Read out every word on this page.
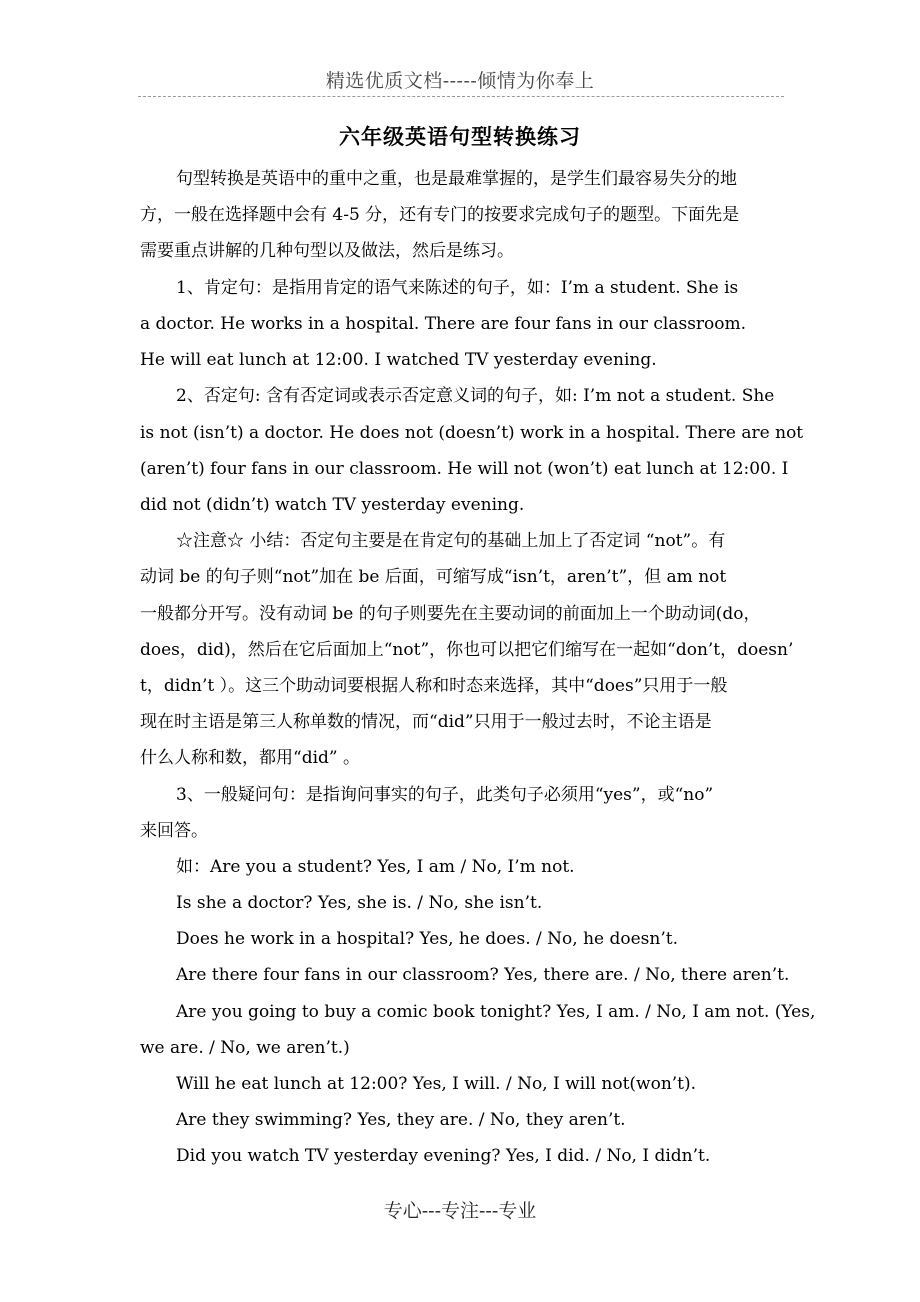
精选优质文档-----倾情为你奉上
六年级英语句型转换练习
句型转换是英语中的重中之重，也是最难掌握的，是学生们最容易失分的地
方，一般在选择题中会有 4-5 分，还有专门的按要求完成句子的题型。下面先是
需要重点讲解的几种句型以及做法，然后是练习。
1、肯定句：是指用肯定的语气来陈述的句子，如：I’m a student. She is
a doctor. He works in a hospital. There are four fans in our classroom.
He will eat lunch at 12:00. I watched TV yesterday evening.
2、否定句: 含有否定词或表示否定意义词的句子，如: I’m not a student. She
is not (isn’t) a doctor. He does not (doesn’t) work in a hospital. There are not
(aren’t) four fans in our classroom. He will not (won’t) eat lunch at 12:00. I
did not (didn’t) watch TV yesterday evening.
☆注意☆ 小结：否定句主要是在肯定句的基础上加上了否定词 “not”。有
动词 be 的句子则“not”加在 be 后面，可缩写成“isn’t，aren’t”，但 am not
一般都分开写。没有动词 be 的句子则要先在主要动词的前面加上一个助动词(do，
does，did)，然后在它后面加上“not”，你也可以把它们缩写在一起如“don’t，doesn’
t，didn’t ）。这三个助动词要根据人称和时态来选择，其中“does”只用于一般
现在时主语是第三人称单数的情况，而“did”只用于一般过去时，不论主语是
什么人称和数，都用“did” 。
3、一般疑问句：是指询问事实的句子，此类句子必须用“yes”，或“no”
来回答。
如：Are you a student? Yes, I am / No, I’m not.
Is she a doctor? Yes, she is. / No, she isn’t.
Does he work in a hospital? Yes, he does. / No, he doesn’t.
Are there four fans in our classroom? Yes, there are. / No, there aren’t.
Are you going to buy a comic book tonight? Yes, I am. / No, I am not. (Yes,
we are. / No, we aren’t.)
Will he eat lunch at 12:00? Yes, I will. / No, I will not(won’t).
Are they swimming? Yes, they are. / No, they aren’t.
Did you watch TV yesterday evening? Yes, I did. / No, I didn’t.
专心---专注---专业
